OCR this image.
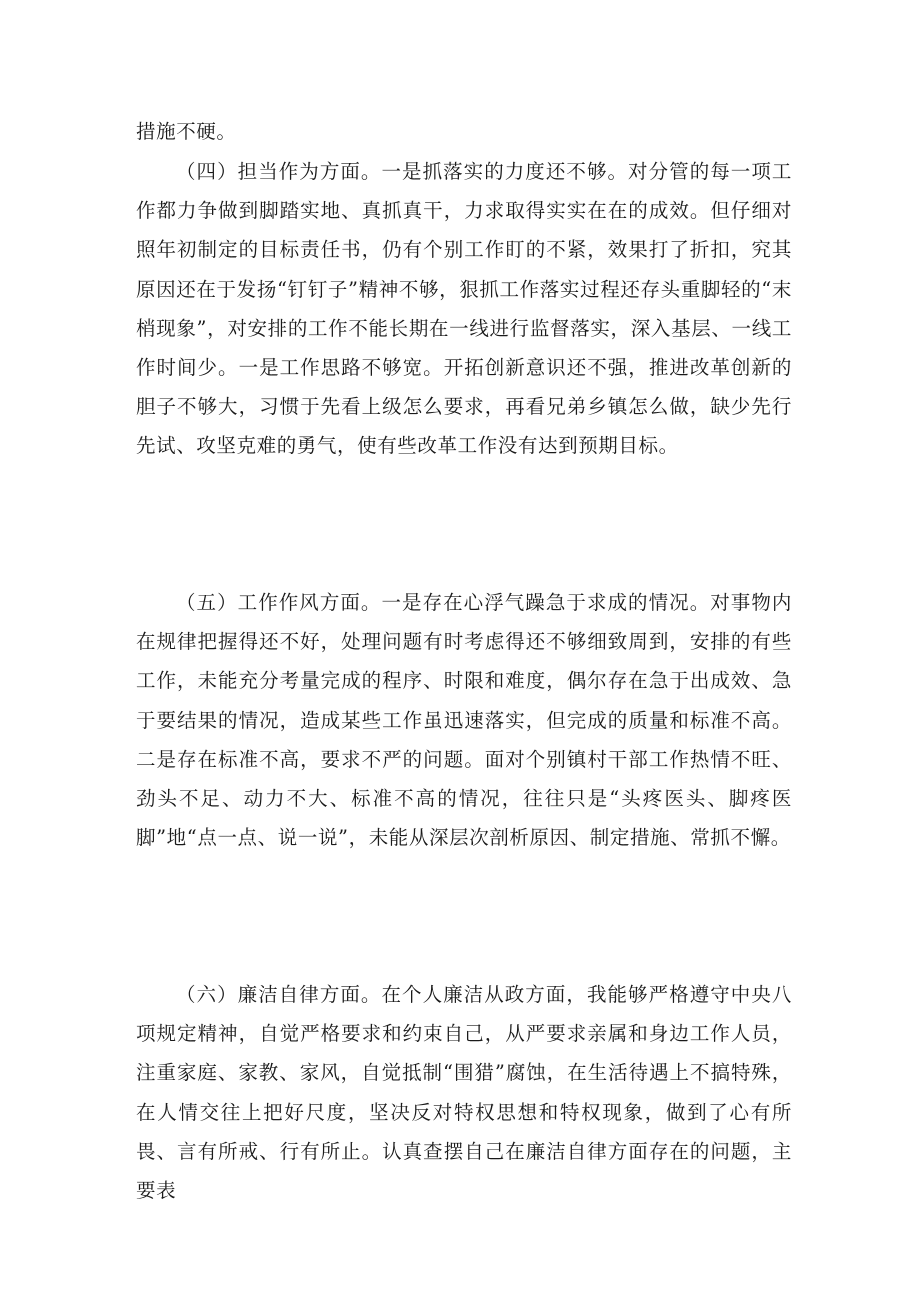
措施不硬。

（四）担当作为方面。一是抓落实的力度还不够。对分管的每一项工作都力争做到脚踏实地、真抓真干，力求取得实实在在的成效。但仔细对照年初制定的目标责任书，仍有个别工作盯的不紧，效果打了折扣，究其原因还在于发扬“钉钉子”精神不够，狠抓工作落实过程还存头重脚轻的“末梢现象”，对安排的工作不能长期在一线进行监督落实，深入基层、一线工作时间少。一是工作思路不够宽。开拓创新意识还不强，推进改革创新的胆子不够大，习惯于先看上级怎么要求，再看兄弟乡镇怎么做，缺少先行先试、攻坚克难的勇气，使有些改革工作没有达到预期目标。

（五）工作作风方面。一是存在心浮气躁急于求成的情况。对事物内在规律把握得还不好，处理问题有时考虑得还不够细致周到，安排的有些工作，未能充分考量完成的程序、时限和难度，偶尔存在急于出成效、急于要结果的情况，造成某些工作虽迅速落实，但完成的质量和标准不高。二是存在标准不高，要求不严的问题。面对个别镇村干部工作热情不旺、劲头不足、动力不大、标准不高的情况，往往只是“头疼医头、脚疼医脚”地“点一点、说一说”，未能从深层次剖析原因、制定措施、常抓不懈。

（六）廉洁自律方面。在个人廉洁从政方面，我能够严格遵守中央八项规定精神，自觉严格要求和约束自己，从严要求亲属和身边工作人员，注重家庭、家教、家风，自觉抵制“围猎”腐蚀，在生活待遇上不搞特殊，在人情交往上把好尺度，坚决反对特权思想和特权现象，做到了心有所畏、言有所戒、行有所止。认真查摆自己在廉洁自律方面存在的问题，主要表
